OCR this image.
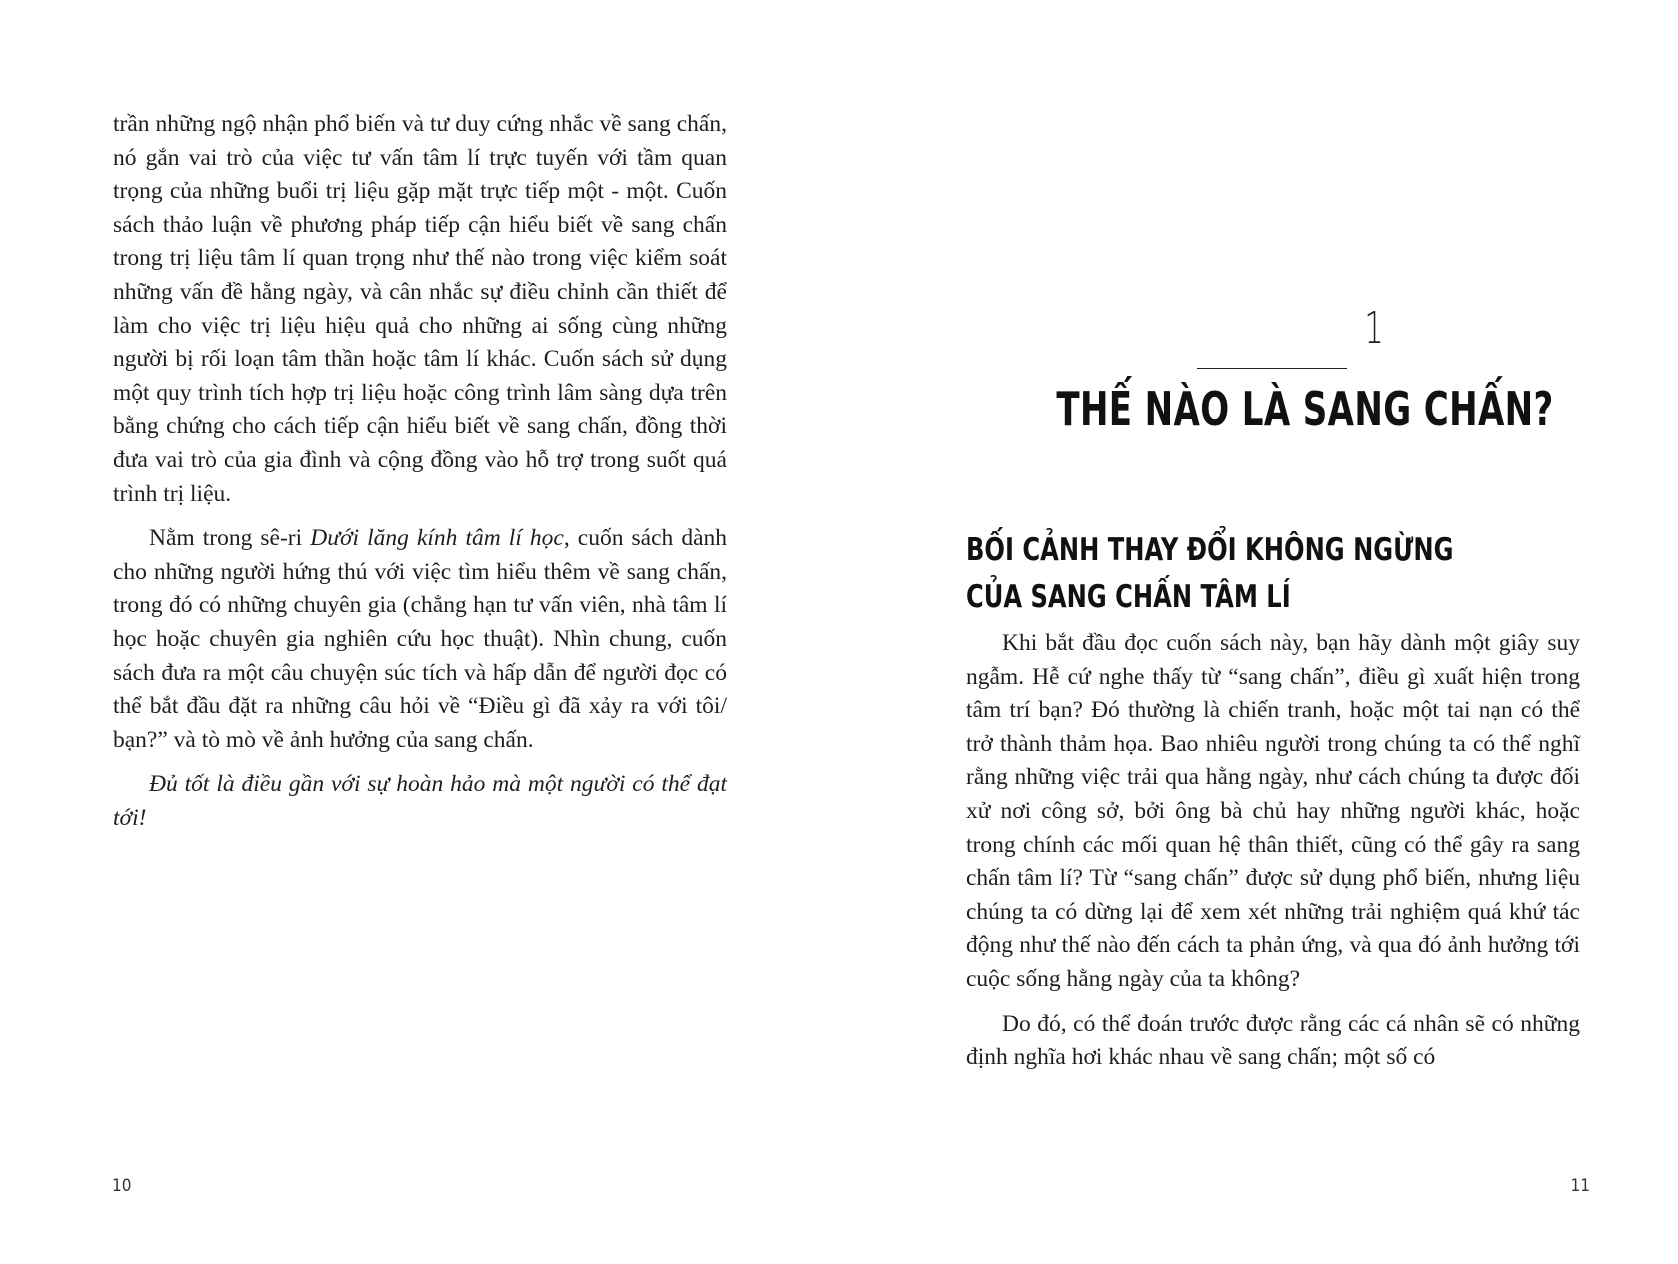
trần những ngộ nhận phổ biến và tư duy cứng nhắc về sang chấn, nó gắn vai trò của việc tư vấn tâm lí trực tuyến với tầm quan trọng của những buổi trị liệu gặp mặt trực tiếp một - một. Cuốn sách thảo luận về phương pháp tiếp cận hiểu biết về sang chấn trong trị liệu tâm lí quan trọng như thế nào trong việc kiểm soát những vấn đề hằng ngày, và cân nhắc sự điều chỉnh cần thiết để làm cho việc trị liệu hiệu quả cho những ai sống cùng những người bị rối loạn tâm thần hoặc tâm lí khác. Cuốn sách sử dụng một quy trình tích hợp trị liệu hoặc công trình lâm sàng dựa trên bằng chứng cho cách tiếp cận hiểu biết về sang chấn, đồng thời đưa vai trò của gia đình và cộng đồng vào hỗ trợ trong suốt quá trình trị liệu.

Nằm trong sê-ri Dưới lăng kính tâm lí học, cuốn sách dành cho những người hứng thú với việc tìm hiểu thêm về sang chấn, trong đó có những chuyên gia (chẳng hạn tư vấn viên, nhà tâm lí học hoặc chuyên gia nghiên cứu học thuật). Nhìn chung, cuốn sách đưa ra một câu chuyện súc tích và hấp dẫn để người đọc có thể bắt đầu đặt ra những câu hỏi về “Điều gì đã xảy ra với tôi/ bạn?” và tò mò về ảnh hưởng của sang chấn.

Đủ tốt là điều gần với sự hoàn hảo mà một người có thể đạt tới!

10
1
THẾ NÀO LÀ SANG CHẤN?
BỐI CẢNH THAY ĐỔI KHÔNG NGỪNG
CỦA SANG CHẤN TÂM LÍ

Khi bắt đầu đọc cuốn sách này, bạn hãy dành một giây suy ngẫm. Hễ cứ nghe thấy từ “sang chấn”, điều gì xuất hiện trong tâm trí bạn? Đó thường là chiến tranh, hoặc một tai nạn có thể trở thành thảm họa. Bao nhiêu người trong chúng ta có thể nghĩ rằng những việc trải qua hằng ngày, như cách chúng ta được đối xử nơi công sở, bởi ông bà chủ hay những người khác, hoặc trong chính các mối quan hệ thân thiết, cũng có thể gây ra sang chấn tâm lí? Từ “sang chấn” được sử dụng phổ biến, nhưng liệu chúng ta có dừng lại để xem xét những trải nghiệm quá khứ tác động như thế nào đến cách ta phản ứng, và qua đó ảnh hưởng tới cuộc sống hằng ngày của ta không?

Do đó, có thể đoán trước được rằng các cá nhân sẽ có những định nghĩa hơi khác nhau về sang chấn; một số có

11
